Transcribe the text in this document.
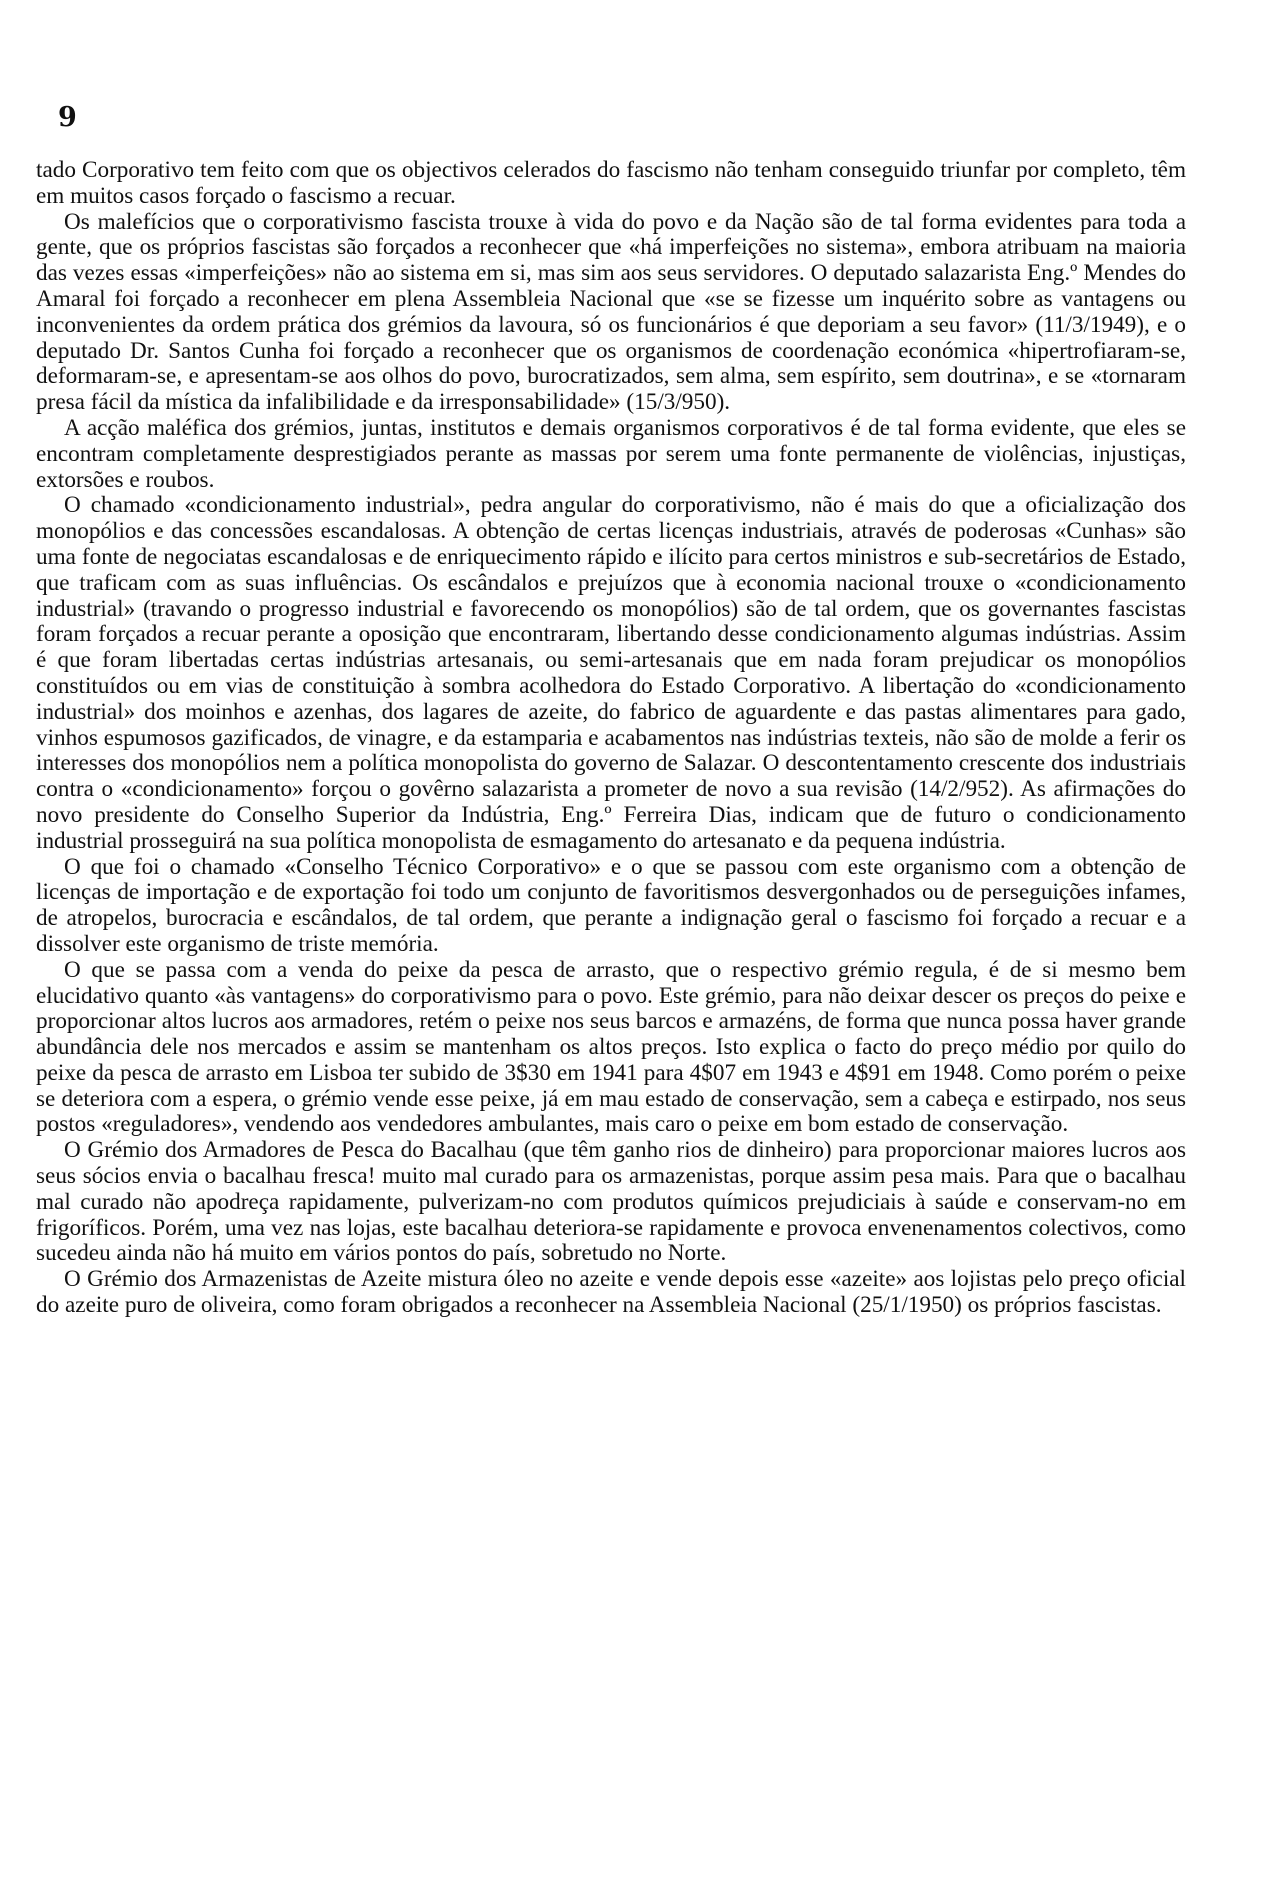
9

tado Corporativo tem feito com que os objectivos celerados do fascismo não tenham conseguido triunfar por completo, têm em muitos casos forçado o fascismo a recuar.

Os malefícios que o corporativismo fascista trouxe à vida do povo e da Nação são de tal forma evidentes para toda a gente, que os próprios fascistas são forçados a reconhecer que «há imperfeições no sistema», embora atribuam na maioria das vezes essas «imperfeições» não ao sistema em si, mas sim aos seus servidores. O deputado salazarista Eng.º Mendes do Amaral foi forçado a reconhecer em plena Assembleia Nacional que «se se fizesse um inquérito sobre as vantagens ou inconvenientes da ordem prática dos grémios da lavoura, só os funcionários é que deporiam a seu favor» (11/3/1949), e o deputado Dr. Santos Cunha foi forçado a reconhecer que os organismos de coordenação económica «hipertrofiaram-se, deformaram-se, e apresentam-se aos olhos do povo, burocratizados, sem alma, sem espírito, sem doutrina», e se «tornaram presa fácil da mística da infalibilidade e da irresponsabilidade» (15/3/950).

A acção maléfica dos grémios, juntas, institutos e demais organismos corporativos é de tal forma evidente, que eles se encontram completamente desprestigiados perante as massas por serem uma fonte permanente de violências, injustiças, extorsões e roubos.

O chamado «condicionamento industrial», pedra angular do corporativismo, não é mais do que a oficialização dos monopólios e das concessões escandalosas. A obtenção de certas licenças industriais, através de poderosas «Cunhas» são uma fonte de negociatas escandalosas e de enriquecimento rápido e ilícito para certos ministros e sub-secretários de Estado, que traficam com as suas influências. Os escândalos e prejuízos que à economia nacional trouxe o «condicionamento industrial» (travando o progresso industrial e favorecendo os monopólios) são de tal ordem, que os governantes fascistas foram forçados a recuar perante a oposição que encontraram, libertando desse condicionamento algumas indústrias. Assim é que foram libertadas certas indústrias artesanais, ou semi-artesanais que em nada foram prejudicar os monopólios constituídos ou em vias de constituição à sombra acolhedora do Estado Corporativo. A libertação do «condicionamento industrial» dos moinhos e azenhas, dos lagares de azeite, do fabrico de aguardente e das pastas alimentares para gado, vinhos espumosos gazificados, de vinagre, e da estamparia e acabamentos nas indústrias texteis, não são de molde a ferir os interesses dos monopólios nem a política monopolista do governo de Salazar. O descontentamento crescente dos industriais contra o «condicionamento» forçou o govêrno salazarista a prometer de novo a sua revisão (14/2/952). As afirmações do novo presidente do Conselho Superior da Indústria, Eng.º Ferreira Dias, indicam que de futuro o condicionamento industrial prosseguirá na sua política monopolista de esmagamento do artesanato e da pequena indústria.

O que foi o chamado «Conselho Técnico Corporativo» e o que se passou com este organismo com a obtenção de licenças de importação e de exportação foi todo um conjunto de favoritismos desvergonhados ou de perseguições infames, de atropelos, burocracia e escândalos, de tal ordem, que perante a indignação geral o fascismo foi forçado a recuar e a dissolver este organismo de triste memória.

O que se passa com a venda do peixe da pesca de arrasto, que o respectivo grémio regula, é de si mesmo bem elucidativo quanto «às vantagens» do corporativismo para o povo. Este grémio, para não deixar descer os preços do peixe e proporcionar altos lucros aos armadores, retém o peixe nos seus barcos e armazéns, de forma que nunca possa haver grande abundância dele nos mercados e assim se mantenham os altos preços. Isto explica o facto do preço médio por quilo do peixe da pesca de arrasto em Lisboa ter subido de 3$30 em 1941 para 4$07 em 1943 e 4$91 em 1948. Como porém o peixe se deteriora com a espera, o grémio vende esse peixe, já em mau estado de conservação, sem a cabeça e estirpado, nos seus postos «reguladores», vendendo aos vendedores ambulantes, mais caro o peixe em bom estado de conservação.

O Grémio dos Armadores de Pesca do Bacalhau (que têm ganho rios de dinheiro) para proporcionar maiores lucros aos seus sócios envia o bacalhau fresca! muito mal curado para os armazenistas, porque assim pesa mais. Para que o bacalhau mal curado não apodreça rapidamente, pulverizam-no com produtos químicos prejudiciais à saúde e conservam-no em frigoríficos. Porém, uma vez nas lojas, este bacalhau deteriora-se rapidamente e provoca envenenamentos colectivos, como sucedeu ainda não há muito em vários pontos do país, sobretudo no Norte.

O Grémio dos Armazenistas de Azeite mistura óleo no azeite e vende depois esse «azeite» aos lojistas pelo preço oficial do azeite puro de oliveira, como foram obrigados a reconhecer na Assembleia Nacional (25/1/1950) os próprios fascistas.
